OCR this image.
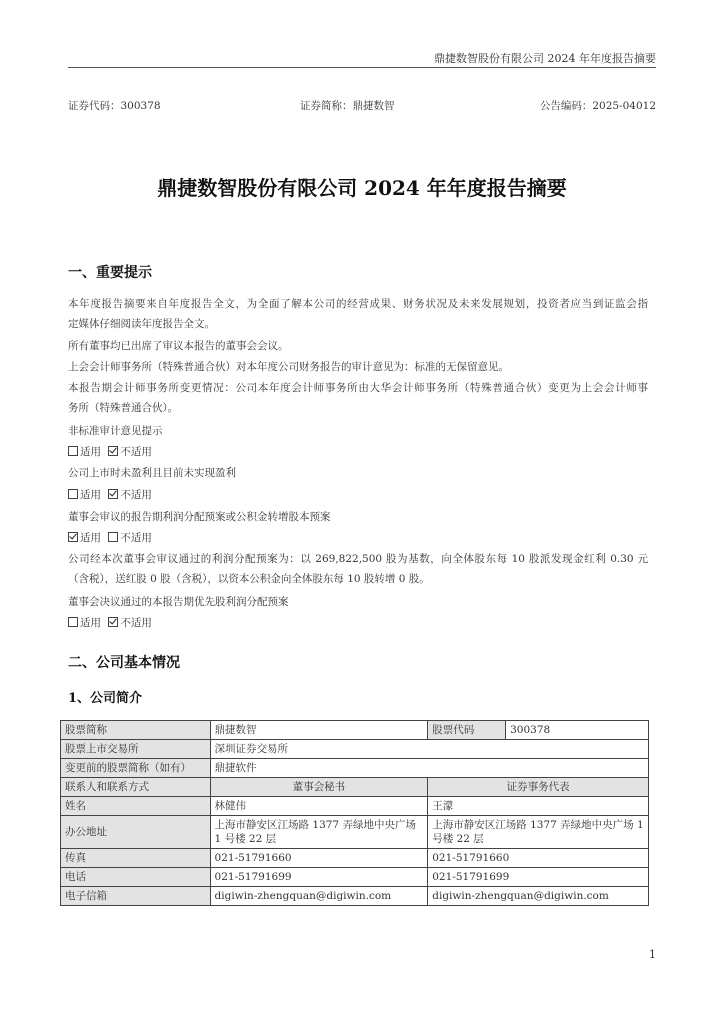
鼎捷数智股份有限公司 2024 年年度报告摘要
证券代码：300378	证券简称：鼎捷数智	公告编码：2025-04012
鼎捷数智股份有限公司 2024 年年度报告摘要
一、重要提示
本年度报告摘要来自年度报告全文，为全面了解本公司的经营成果、财务状况及未来发展规划，投资者应当到证监会指
定媒体仔细阅读年度报告全文。
所有董事均已出席了审议本报告的董事会会议。
上会会计师事务所（特殊普通合伙）对本年度公司财务报告的审计意见为：标准的无保留意见。
本报告期会计师事务所变更情况：公司本年度会计师事务所由大华会计师事务所（特殊普通合伙）变更为上会会计师事
务所（特殊普通合伙）。
非标准审计意见提示
适用 不适用
公司上市时未盈利且目前未实现盈利
适用 不适用
董事会审议的报告期利润分配预案或公积金转增股本预案
适用 不适用
公司经本次董事会审议通过的利润分配预案为：以 269,822,500 股为基数，向全体股东每 10 股派发现金红利 0.30 元
（含税），送红股 0 股（含税），以资本公积金向全体股东每 10 股转增 0 股。
董事会决议通过的本报告期优先股利润分配预案
适用 不适用
二、公司基本情况
1、公司简介
股票简称	鼎捷数智	股票代码	300378
股票上市交易所	深圳证券交易所		
变更前的股票简称（如有）	鼎捷软件		
联系人和联系方式	董事会秘书	证券事务代表	
姓名	林健伟	王濛	
办公地址	上海市静安区江场路 1377 弄绿地中央广场 1 号楼 22 层	上海市静安区江场路 1377 弄绿地中央广场 1 号楼 22 层	
传真	021-51791660	021-51791660	
电话	021-51791699	021-51791699	
电子信箱	digiwin-zhengquan@digiwin.com	digiwin-zhengquan@digiwin.com	
1
